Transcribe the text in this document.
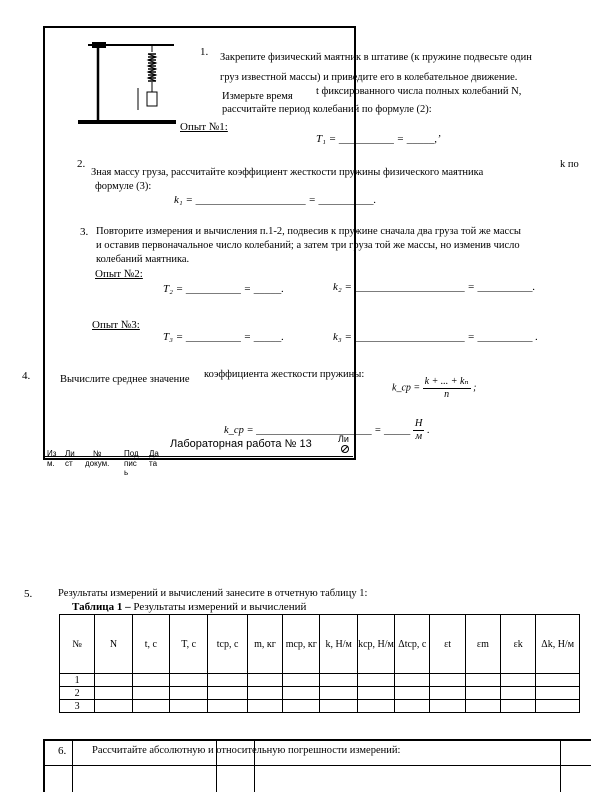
1. Закрепите физический маятник в штативе (к пружине подвесьте один
груз известной массы) и приведите его в колебательное движение.
Измерьте время t фиксированного числа полных колебаний N,
рассчитайте период колебаний по формуле (2):
Опыт №1:
T₁ = __________ = _____,’
2.
Зная массу груза, рассчитайте коэффициент жесткости пружины физического маятника
k по
формуле (3):
k₁ = ____________________ = __________.
3. Повторите измерения и вычисления п.1-2, подвесив к пружине сначала два груза той же массы
и оставив первоначальное число колебаний; а затем три груза той же массы, но изменив число
колебаний маятника.
Опыт №2:
T₂ = __________ = _____.	k₂ = ____________________ = __________.
Опыт №3:
T₃ = __________ = _____.	k₃ = ____________________ = __________ .
4.	Вычислите среднее значение коэффициента жесткости пружины:
k_ср = $\frac{\text{k + ... + kₙ}}{n}$ ;
k_ср = ______________________ = _____ $\frac{Н}{м}$ .
Лабораторная работа № 13	Ли
Из
м.
Ли
ст
№
докум.
Под
пис
ь
Да
та
5. Результаты измерений и вычислений занесите в отчетную таблицу 1:
Таблица 1 – Результаты измерений и вычислений
№	N	t, с	T, с	tср, с	m, кг	mср, кг	k, Н/м	kср, Н/м	Δtср, с	εt	εm	εk	Δk, Н/м
1													
2													
3													
6. Рассчитайте абсолютную и относительную погрешности измерений:
